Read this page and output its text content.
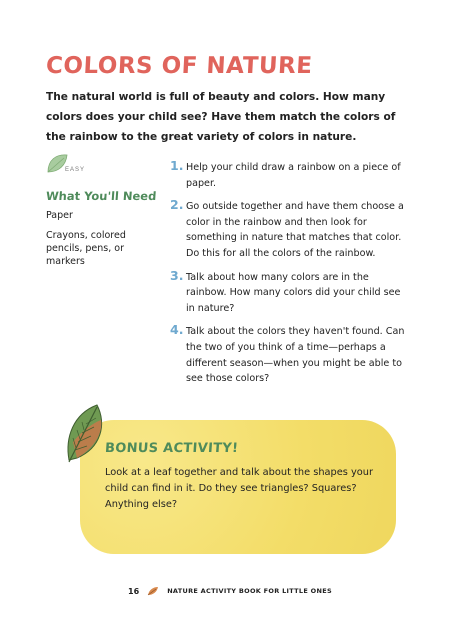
COLORS OF NATURE
The natural world is full of beauty and colors. How many colors does your child see? Have them match the colors of the rainbow to the great variety of colors in nature.
EASY
What You'll Need
Paper
Crayons, colored pencils, pens, or markers
1. Help your child draw a rainbow on a piece of paper.
2. Go outside together and have them choose a color in the rainbow and then look for something in nature that matches that color. Do this for all the colors of the rainbow.
3. Talk about how many colors are in the rainbow. How many colors did your child see in nature?
4. Talk about the colors they haven't found. Can the two of you think of a time—perhaps a different season—when you might be able to see those colors?
BONUS ACTIVITY!
Look at a leaf together and talk about the shapes your child can find in it. Do they see triangles? Squares? Anything else?
16	NATURE ACTIVITY BOOK FOR LITTLE ONES
